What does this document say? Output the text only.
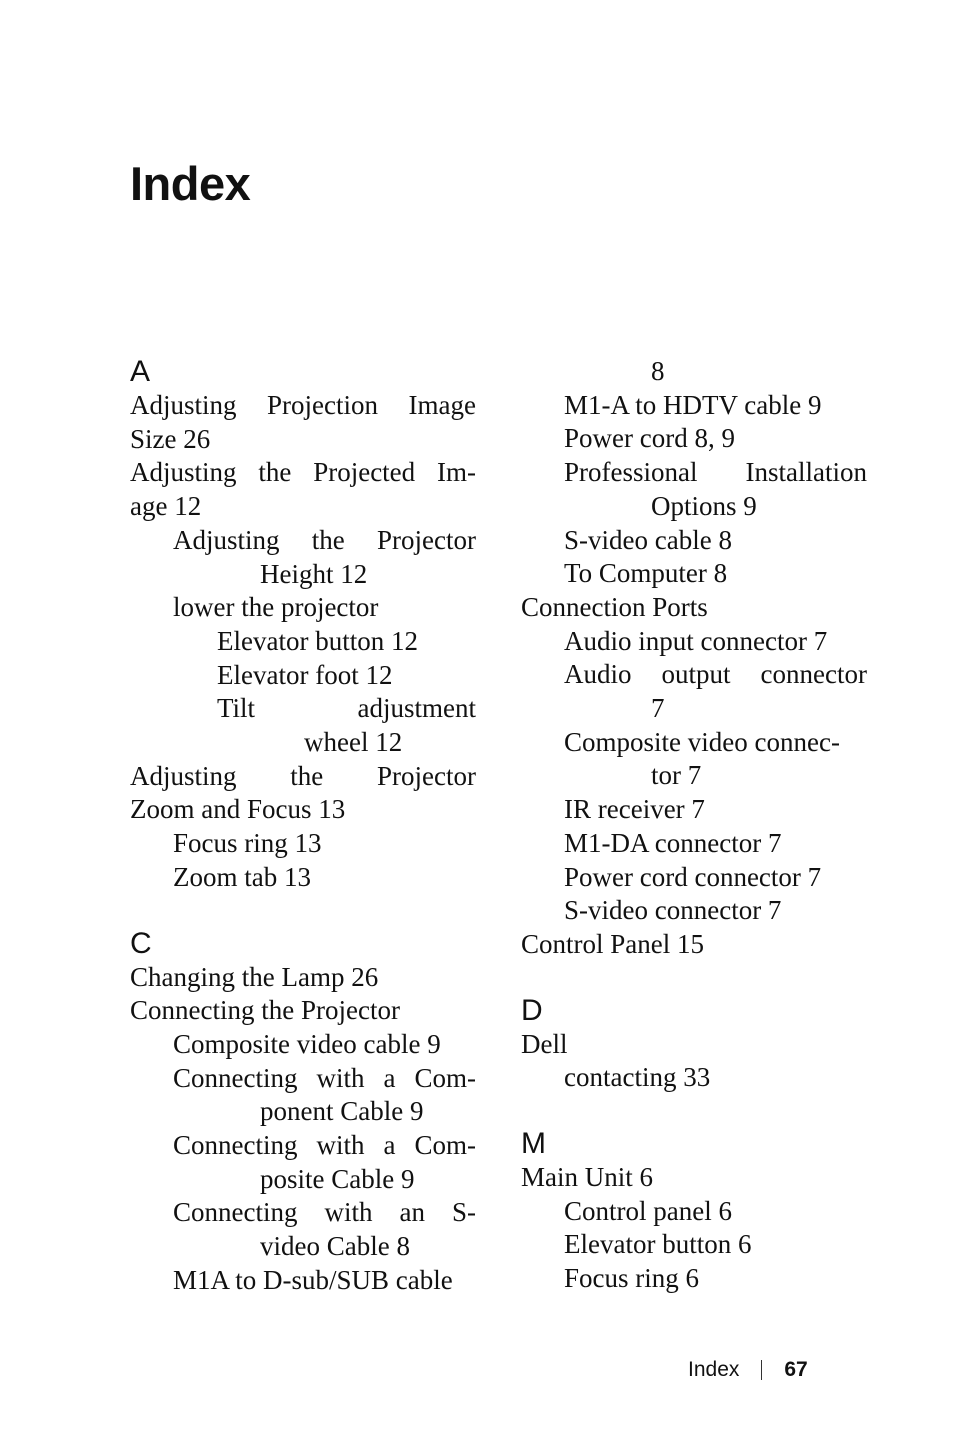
Index
A
Adjusting Projection Image
Size 26
Adjusting the Projected Im-
age 12
Adjusting the Projector
Height 12
lower the projector
Elevator button 12
Elevator foot 12
Tilt	adjustment
wheel 12
Adjusting the Projector
Zoom and Focus 13
Focus ring 13
Zoom tab 13
C
Changing the Lamp 26
Connecting the Projector
Composite video cable 9
Connecting with a Com-
ponent Cable 9
Connecting with a Com-
posite Cable 9
Connecting with an S-
video Cable 8
M1A to D-sub/SUB cable
8
M1-A to HDTV cable 9
Power cord 8, 9
Professional Installation
Options 9
S-video cable 8
To Computer 8
Connection Ports
Audio input connector 7
Audio output connector
7
Composite video connec-
tor 7
IR receiver 7
M1-DA connector 7
Power cord connector 7
S-video connector 7
Control Panel 15
D
Dell
contacting 33
M
Main Unit 6
Control panel 6
Elevator button 6
Focus ring 6
Index 67
